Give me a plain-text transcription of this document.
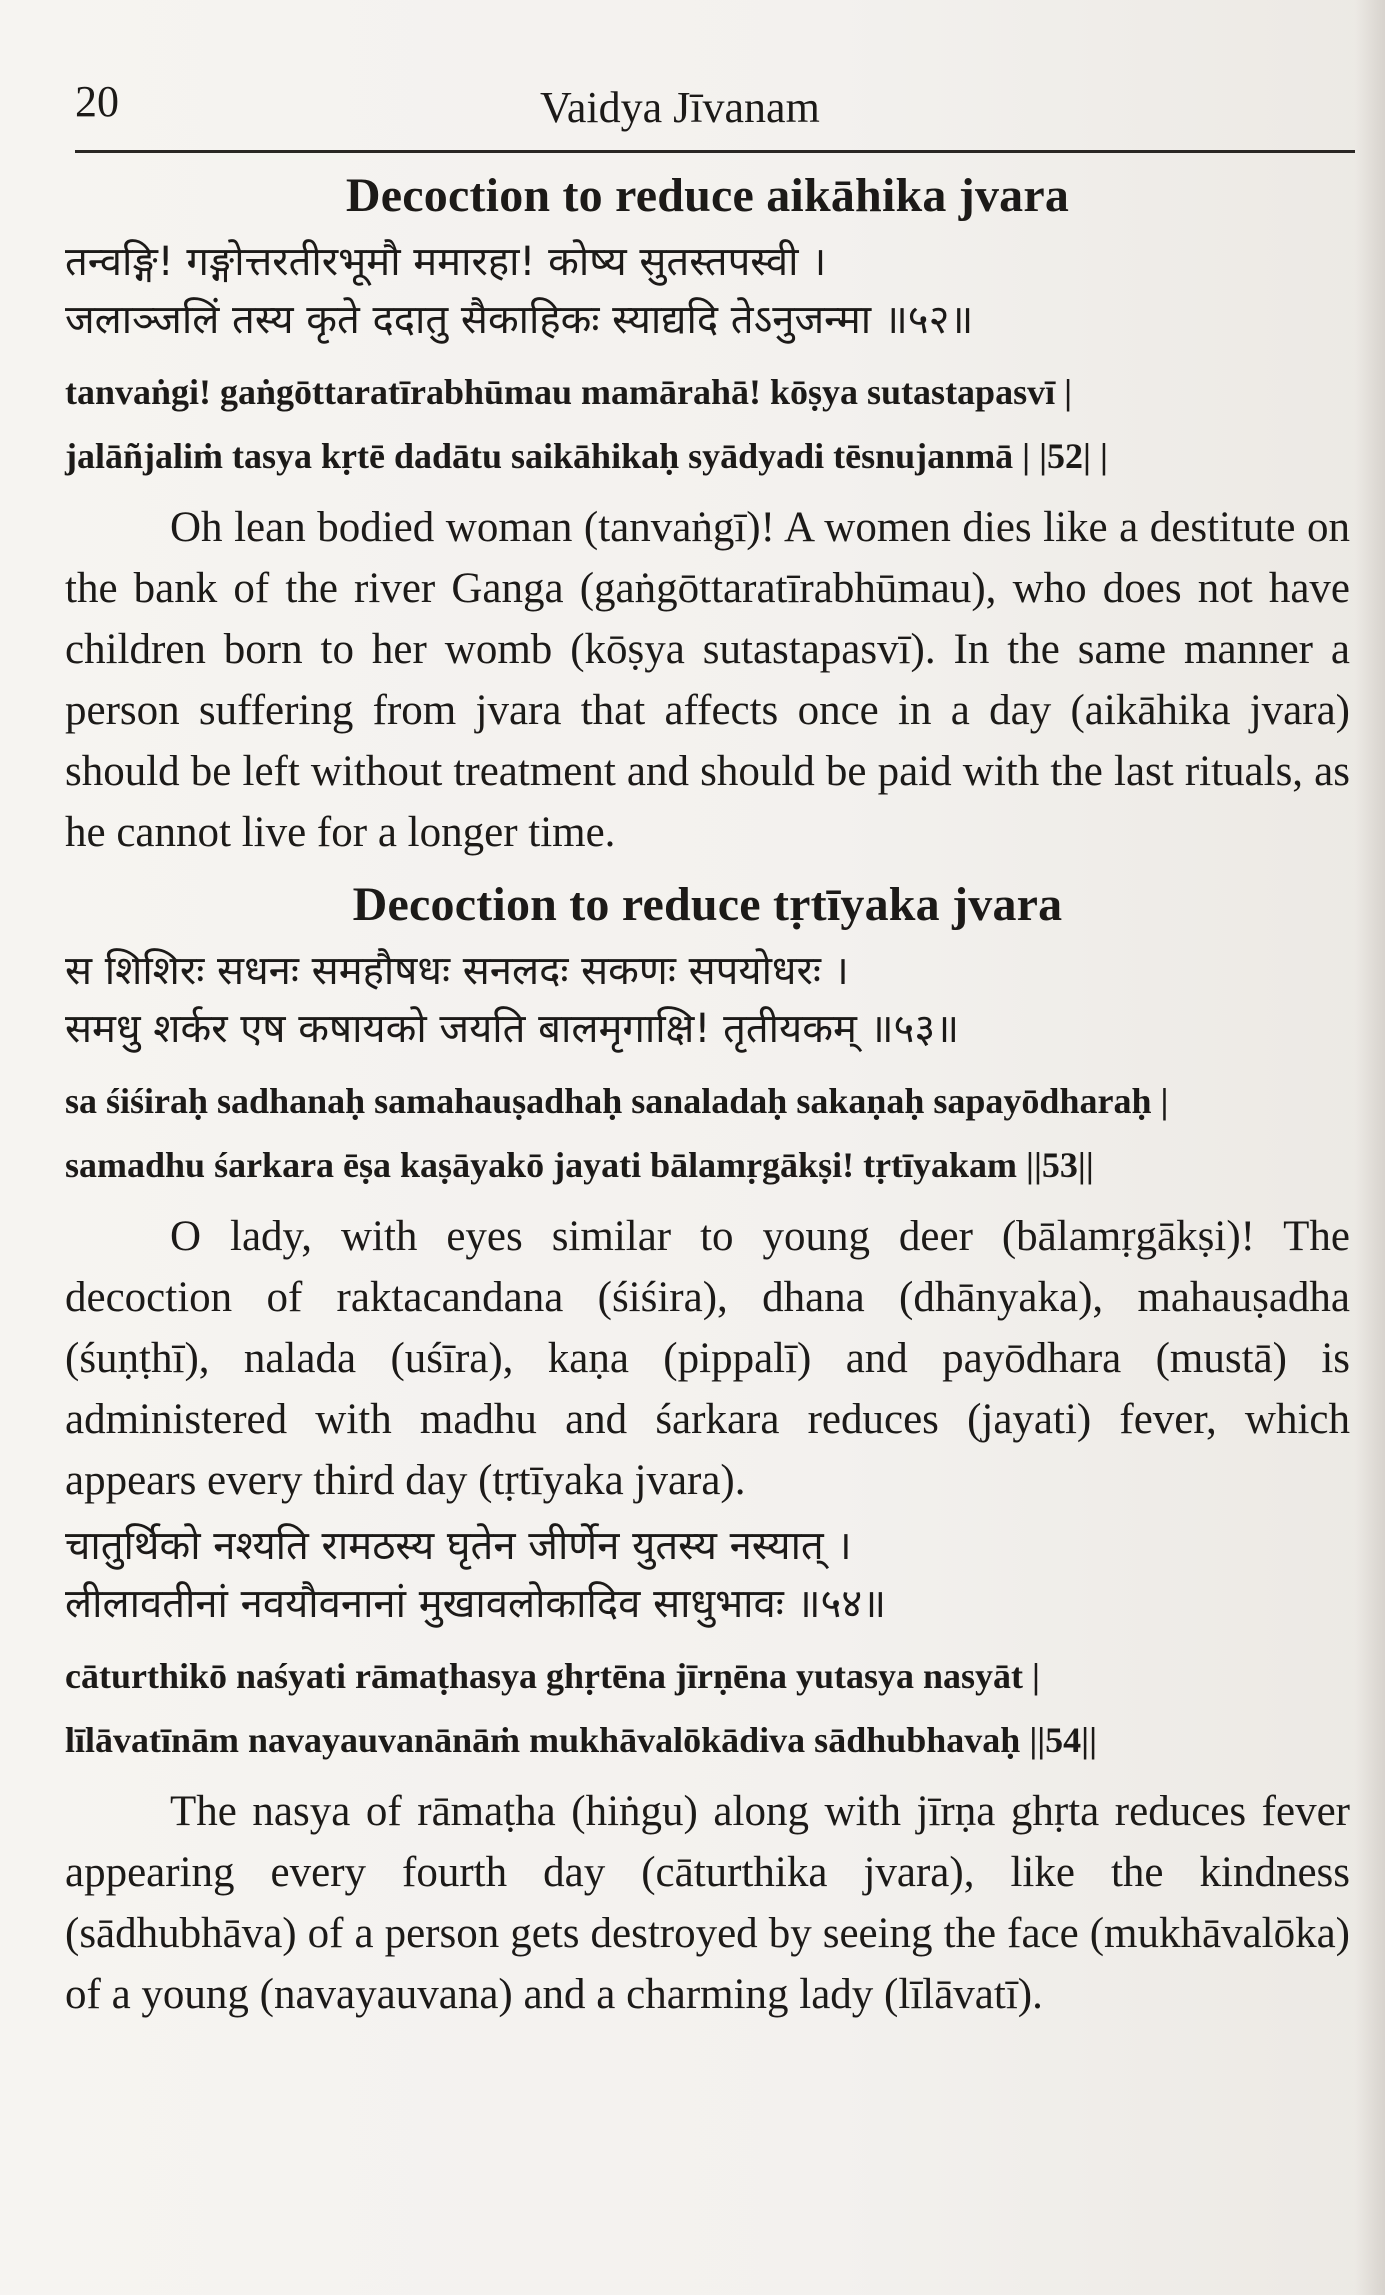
20	Vaidya Jīvanam
Decoction to reduce aikāhika jvara
तन्वङ्गि! गङ्गोत्तरतीरभूमौ ममारहा! कोष्य सुतस्तपस्वी ।
जलाञ्जलिं तस्य कृते ददातु सैकाहिकः स्याद्यदि तेऽनुजन्मा ॥५२॥
tanvaṅgi! gaṅgōttaratīrabhūmau mamārahā! kōṣya sutastapasvī |
jalāñjaliṁ tasya kṛtē dadātu saikāhikaḥ syādyadi tēsnujanmā | |52| |

Oh lean bodied woman (tanvaṅgī)! A women dies like a destitute on the bank of the river Ganga (gaṅgōttaratīrabhūmau), who does not have children born to her womb (kōṣya sutastapasvī). In the same manner a person suffering from jvara that affects once in a day (aikāhika jvara) should be left without treatment and should be paid with the last rituals, as he cannot live for a longer time.

Decoction to reduce tṛtīyaka jvara
स शिशिरः सधनः समहौषधः सनलदः सकणः सपयोधरः ।
समधु शर्कर एष कषायको जयति बालमृगाक्षि! तृतीयकम् ॥५३॥
sa śiśiraḥ sadhanaḥ samahauṣadhaḥ sanaladaḥ sakaṇaḥ sapayōdharaḥ |
samadhu śarkara ēṣa kaṣāyakō jayati bālamṛgākṣi! tṛtīyakam ||53||

O lady, with eyes similar to young deer (bālamṛgākṣi)! The decoction of raktacandana (śiśira), dhana (dhānyaka), mahauṣadha (śuṇṭhī), nalada (uśīra), kaṇa (pippalī) and payōdhara (mustā) is administered with madhu and śarkara reduces (jayati) fever, which appears every third day (tṛtīyaka jvara).

चातुर्थिको नश्यति रामठस्य घृतेन जीर्णेन युतस्य नस्यात् ।
लीलावतीनां नवयौवनानां मुखावलोकादिव साधुभावः ॥५४॥
cāturthikō naśyati rāmaṭhasya ghṛtēna jīrṇēna yutasya nasyāt |
līlāvatīnām navayauvanānāṁ mukhāvalōkādiva sādhubhavaḥ ||54||

The nasya of rāmaṭha (hiṅgu) along with jīrṇa ghṛta reduces fever appearing every fourth day (cāturthika jvara), like the kindness (sādhubhāva) of a person gets destroyed by seeing the face (mukhāvalōka) of a young (navayauvana) and a charming lady (līlāvatī).
